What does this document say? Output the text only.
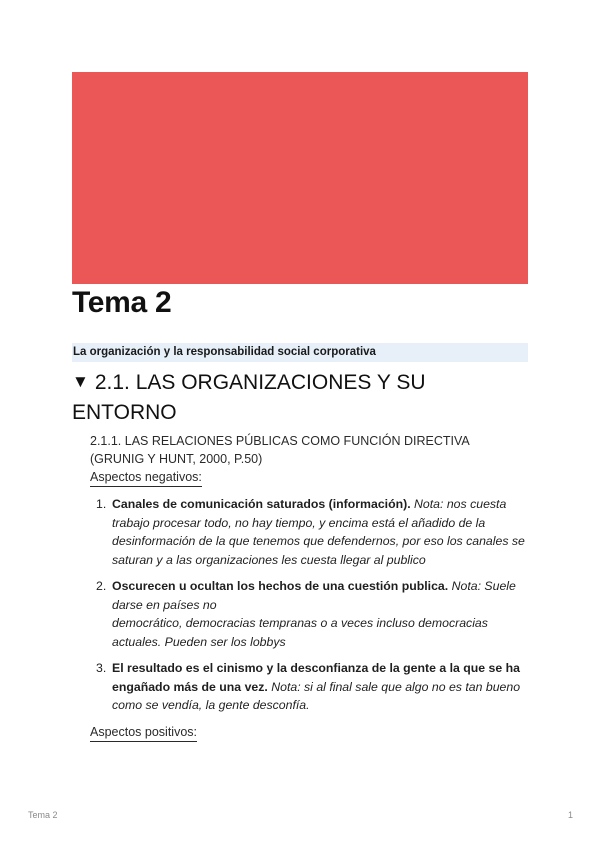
Tema 2
La organización y la responsabilidad social corporativa
▼ 2.1. LAS ORGANIZACIONES Y SU ENTORNO

2.1.1. LAS RELACIONES PÚBLICAS COMO FUNCIÓN DIRECTIVA (GRUNIG Y HUNT, 2000, P.50)

Aspectos negativos:
1. Canales de comunicación saturados (información). Nota: nos cuesta trabajo procesar todo, no hay tiempo, y encima está el añadido de la desinformación de la que tenemos que defendernos, por eso los canales se saturan y a las organizaciones les cuesta llegar al publico
2. Oscurecen u ocultan los hechos de una cuestión publica. Nota: Suele darse en países no
democrático, democracias tempranas o a veces incluso democracias actuales. Pueden ser los lobbys
3. El resultado es el cinismo y la desconfianza de la gente a la que se ha engañado más de una vez. Nota: si al final sale que algo no es tan bueno como se vendía, la gente desconfía.
Aspectos positivos:
Tema 2	1
